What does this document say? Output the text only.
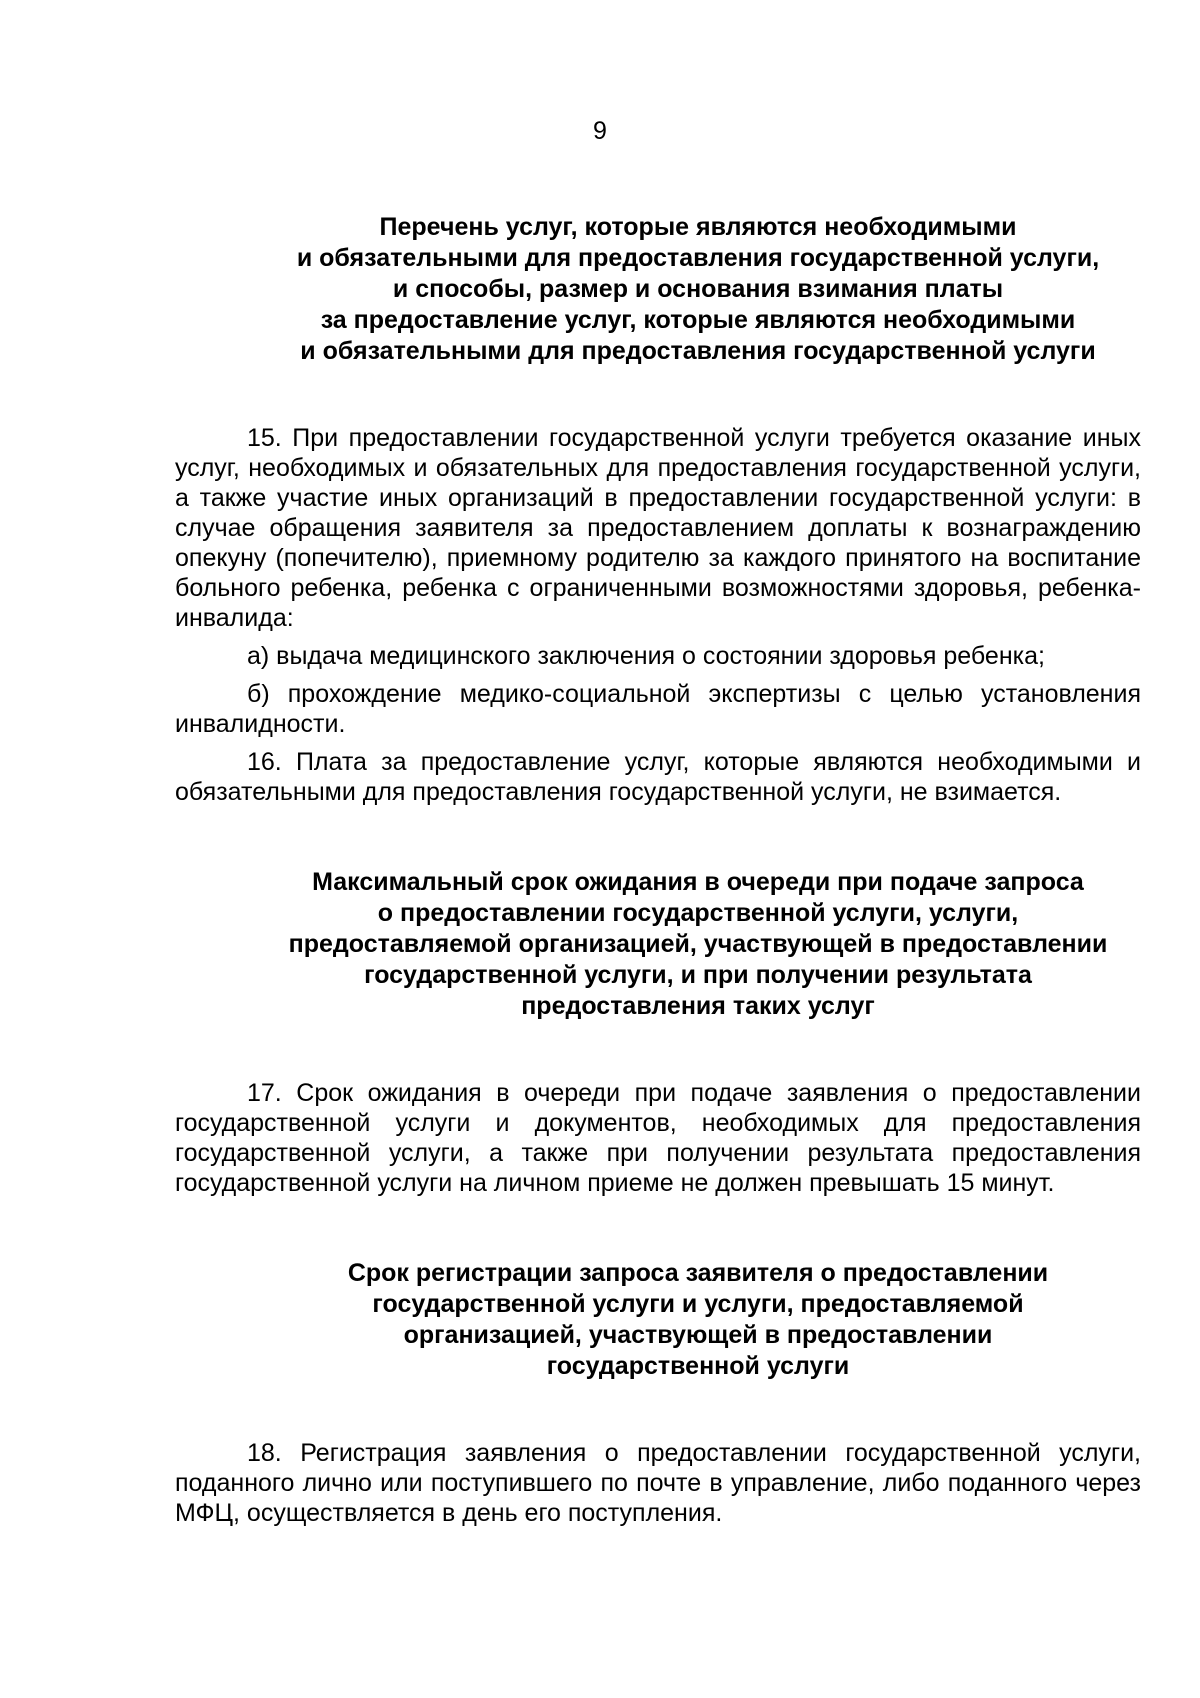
9
Перечень услуг, которые являются необходимыми
и обязательными для предоставления государственной услуги,
и способы, размер и основания взимания платы
за предоставление услуг, которые являются необходимыми
и обязательными для предоставления государственной услуги

15. При предоставлении государственной услуги требуется оказание иных услуг, необходимых и обязательных для предоставления государственной услуги, а также участие иных организаций в предоставлении государственной услуги: в случае обращения заявителя за предоставлением доплаты к вознаграждению опекуну (попечителю), приемному родителю за каждого принятого на воспитание больного ребенка, ребенка с ограниченными возможностями здоровья, ребенка-инвалида:

а) выдача медицинского заключения о состоянии здоровья ребенка;

б) прохождение медико-социальной экспертизы с целью установления инвалидности.

16. Плата за предоставление услуг, которые являются необходимыми и обязательными для предоставления государственной услуги, не взимается.

Максимальный срок ожидания в очереди при подаче запроса
о предоставлении государственной услуги, услуги,
предоставляемой организацией, участвующей в предоставлении
государственной услуги, и при получении результата
предоставления таких услуг

17. Срок ожидания в очереди при подаче заявления о предоставлении государственной услуги и документов, необходимых для предоставления государственной услуги, а также при получении результата предоставления государственной услуги на личном приеме не должен превышать 15 минут.

Срок регистрации запроса заявителя о предоставлении
государственной услуги и услуги, предоставляемой
организацией, участвующей в предоставлении
государственной услуги

18. Регистрация заявления о предоставлении государственной услуги, поданного лично или поступившего по почте в управление, либо поданного через МФЦ, осуществляется в день его поступления.
